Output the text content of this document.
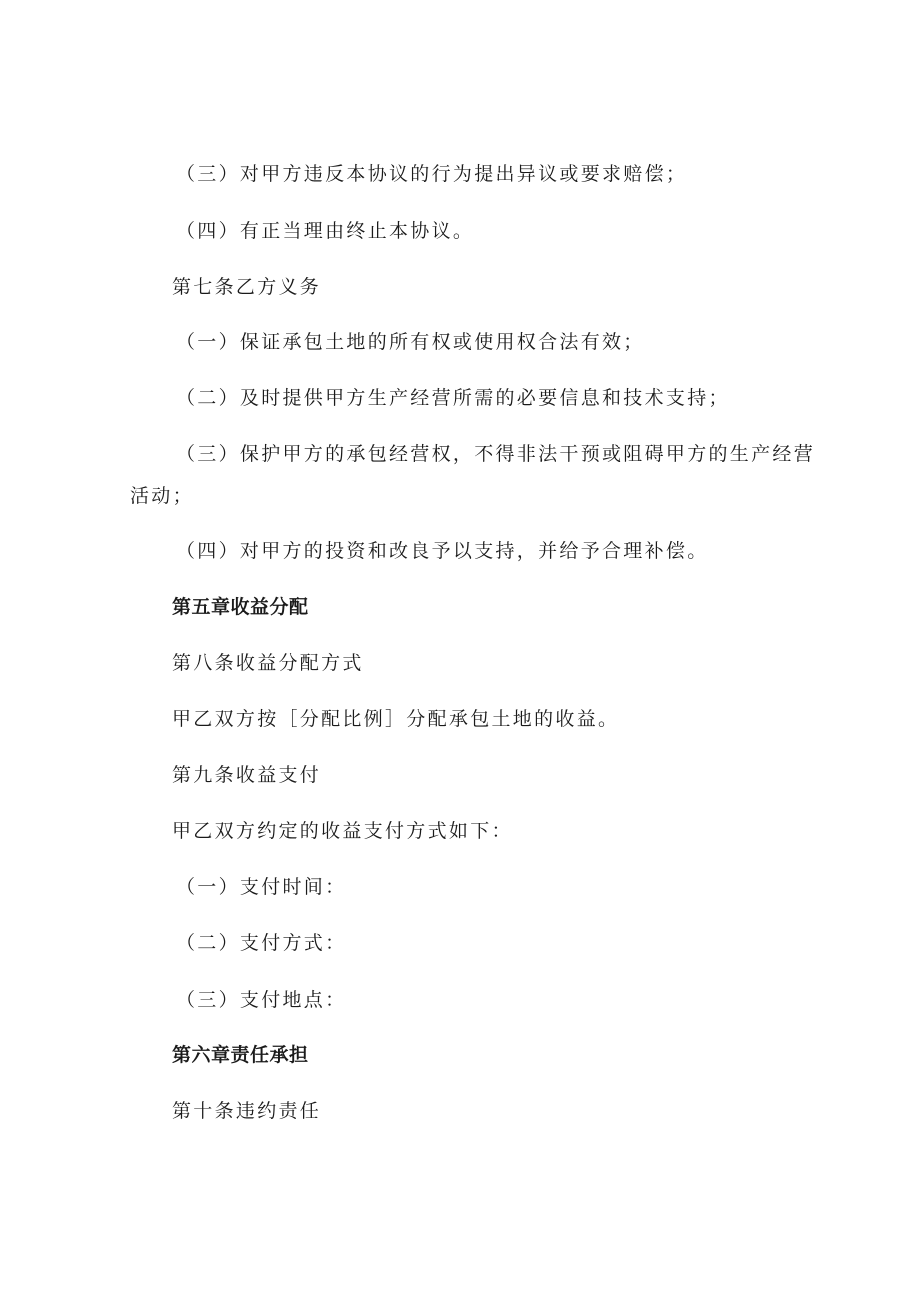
（三）对甲方违反本协议的行为提出异议或要求赔偿；
（四）有正当理由终止本协议。
第七条乙方义务
（一）保证承包土地的所有权或使用权合法有效；
（二）及时提供甲方生产经营所需的必要信息和技术支持；
（三）保护甲方的承包经营权，不得非法干预或阻碍甲方的生产经营
活动；
（四）对甲方的投资和改良予以支持，并给予合理补偿。
第五章收益分配
第八条收益分配方式
甲乙双方按［分配比例］分配承包土地的收益。
第九条收益支付
甲乙双方约定的收益支付方式如下：
（一）支付时间：
（二）支付方式：
（三）支付地点：
第六章责任承担
第十条违约责任
